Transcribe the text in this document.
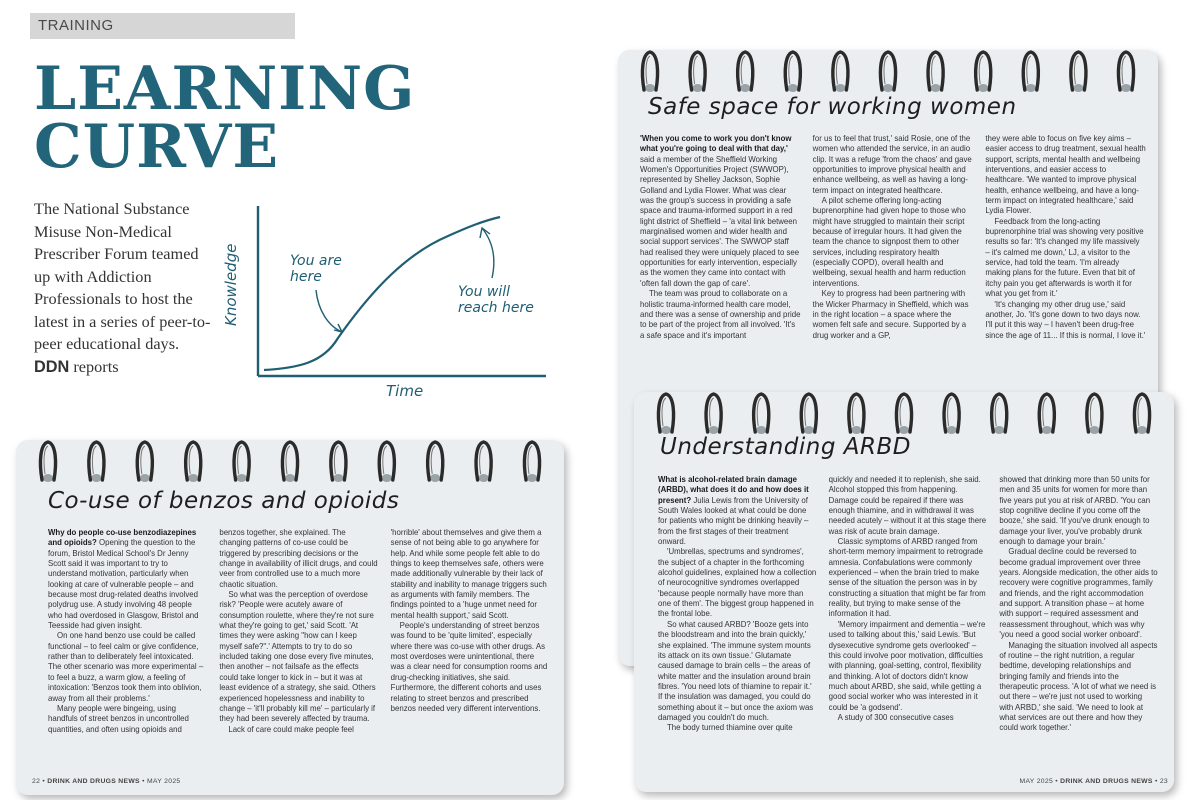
TRAINING
LEARNING
CURVE
The National Substance Misuse Non-Medical Prescriber Forum teamed up with Addiction Professionals to host the latest in a series of peer-to-peer educational days. DDN reports
Knowledge
Time
You are
here
You will
reach here
Safe space for working women

'When you come to work you don't know what you're going to deal with that day,' said a member of the Sheffield Working Women's Opportunities Project (SWWOP), represented by Shelley Jackson, Sophie Golland and Lydia Flower. What was clear was the group's success in providing a safe space and trauma-informed support in a red light district of Sheffield – 'a vital link between marginalised women and wider health and social support services'. The SWWOP staff had realised they were uniquely placed to see opportunities for early intervention, especially as the women they came into contact with 'often fall down the gap of care'.

The team was proud to collaborate on a holistic trauma-informed health care model, and there was a sense of ownership and pride to be part of the project from all involved. 'It's a safe space and it's important

for us to feel that trust,' said Rosie, one of the women who attended the service, in an audio clip. It was a refuge 'from the chaos' and gave opportunities to improve physical health and enhance wellbeing, as well as having a long-term impact on integrated healthcare.

A pilot scheme offering long-acting buprenorphine had given hope to those who might have struggled to maintain their script because of irregular hours. It had given the team the chance to signpost them to other services, including respiratory health (especially COPD), overall health and wellbeing, sexual health and harm reduction interventions.

Key to progress had been partnering with the Wicker Pharmacy in Sheffield, which was in the right location – a space where the women felt safe and secure. Supported by a drug worker and a GP,

they were able to focus on five key aims – easier access to drug treatment, sexual health support, scripts, mental health and wellbeing interventions, and easier access to healthcare. 'We wanted to improve physical health, enhance wellbeing, and have a long-term impact on integrated healthcare,' said Lydia Flower.

Feedback from the long-acting buprenorphine trial was showing very positive results so far: 'It's changed my life massively – it's calmed me down,' LJ, a visitor to the service, had told the team. 'I'm already making plans for the future. Even that bit of itchy pain you get afterwards is worth it for what you get from it.'

'It's changing my other drug use,' said another, Jo. 'It's gone down to two days now. I'll put it this way – I haven't been drug-free since the age of 11... If this is normal, I love it.'

Understanding ARBD

What is alcohol-related brain damage (ARBD), what does it do and how does it present? Julia Lewis from the University of South Wales looked at what could be done for patients who might be drinking heavily – from the first stages of their treatment onward.

'Umbrellas, spectrums and syndromes', the subject of a chapter in the forthcoming alcohol guidelines, explained how a collection of neurocognitive syndromes overlapped 'because people normally have more than one of them'. The biggest group happened in the frontal lobe.

So what caused ARBD? 'Booze gets into the bloodstream and into the brain quickly,' she explained. 'The immune system mounts its attack on its own tissue.' Glutamate caused damage to brain cells – the areas of white matter and the insulation around brain fibres. 'You need lots of thiamine to repair it.' If the insulation was damaged, you could do something about it – but once the axiom was damaged you couldn't do much.

The body turned thiamine over quite

quickly and needed it to replenish, she said. Alcohol stopped this from happening. Damage could be repaired if there was enough thiamine, and in withdrawal it was needed acutely – without it at this stage there was risk of acute brain damage.

Classic symptoms of ARBD ranged from short-term memory impairment to retrograde amnesia. Confabulations were commonly experienced – when the brain tried to make sense of the situation the person was in by constructing a situation that might be far from reality, but trying to make sense of the information it had.

'Memory impairment and dementia – we're used to talking about this,' said Lewis. 'But dysexecutive syndrome gets overlooked' – this could involve poor motivation, difficulties with planning, goal-setting, control, flexibility and thinking. A lot of doctors didn't know much about ARBD, she said, while getting a good social worker who was interested in it could be 'a godsend'.

A study of 300 consecutive cases

showed that drinking more than 50 units for men and 35 units for women for more than five years put you at risk of ARBD. 'You can stop cognitive decline if you come off the booze,' she said. 'If you've drunk enough to damage your liver, you've probably drunk enough to damage your brain.'

Gradual decline could be reversed to become gradual improvement over three years. Alongside medication, the other aids to recovery were cognitive programmes, family and friends, and the right accommodation and support. A transition phase – at home with support – required assessment and reassessment throughout, which was why 'you need a good social worker onboard'.

Managing the situation involved all aspects of routine – the right nutrition, a regular bedtime, developing relationships and bringing family and friends into the therapeutic process. 'A lot of what we need is out there – we're just not used to working with ARBD,' she said. 'We need to look at what services are out there and how they could work together.'

Co-use of benzos and opioids

Why do people co-use benzodiazepines and opioids? Opening the question to the forum, Bristol Medical School's Dr Jenny Scott said it was important to try to understand motivation, particularly when looking at care of vulnerable people – and because most drug-related deaths involved polydrug use. A study involving 48 people who had overdosed in Glasgow, Bristol and Teesside had given insight.

On one hand benzo use could be called functional – to feel calm or give confidence, rather than to deliberately feel intoxicated. The other scenario was more experimental – to feel a buzz, a warm glow, a feeling of intoxication: 'Benzos took them into oblivion, away from all their problems.'

Many people were bingeing, using handfuls of street benzos in uncontrolled quantities, and often using opioids and

benzos together, she explained. The changing patterns of co-use could be triggered by prescribing decisions or the change in availability of illicit drugs, and could veer from controlled use to a much more chaotic situation.

So what was the perception of overdose risk? 'People were acutely aware of consumption roulette, where they're not sure what they're going to get,' said Scott. 'At times they were asking "how can I keep myself safe?".' Attempts to try to do so included taking one dose every five minutes, then another – not failsafe as the effects could take longer to kick in – but it was at least evidence of a strategy, she said. Others experienced hopelessness and inability to change – 'it'll probably kill me' – particularly if they had been severely affected by trauma.

Lack of care could make people feel

'horrible' about themselves and give them a sense of not being able to go anywhere for help. And while some people felt able to do things to keep themselves safe, others were made additionally vulnerable by their lack of stability and inability to manage triggers such as arguments with family members. The findings pointed to a 'huge unmet need for mental health support,' said Scott.

People's understanding of street benzos was found to be 'quite limited', especially where there was co-use with other drugs. As most overdoses were unintentional, there was a clear need for consumption rooms and drug-checking initiatives, she said. Furthermore, the different cohorts and uses relating to street benzos and prescribed benzos needed very different interventions.

22 • DRINK AND DRUGS NEWS • MAY 2025	MAY 2025 • DRINK AND DRUGS NEWS • 23
